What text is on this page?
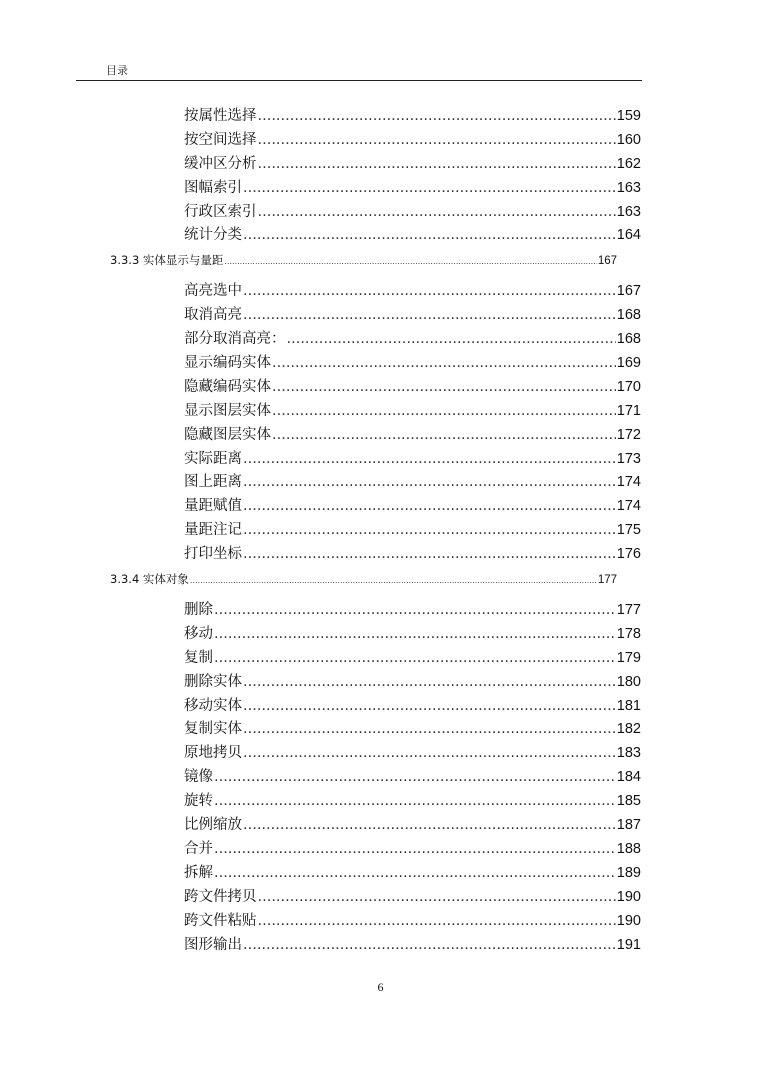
目录
按属性选择 .....	159
按空间选择 .....	160
缓冲区分析 .....	162
图幅索引 .....	163
行政区索引 .....	163
统计分类 .....	164
3.3.3 实体显示与量距 .....	167
高亮选中 .....	167
取消高亮 .....	168
部分取消高亮： .....	168
显示编码实体 .....	169
隐藏编码实体 .....	170
显示图层实体 .....	171
隐藏图层实体 .....	172
实际距离 .....	173
图上距离 .....	174
量距赋值 .....	174
量距注记 .....	175
打印坐标 .....	176
3.3.4 实体对象 .....	177
删除 .....	177
移动 .....	178
复制 .....	179
删除实体 .....	180
移动实体 .....	181
复制实体 .....	182
原地拷贝 .....	183
镜像 .....	184
旋转 .....	185
比例缩放 .....	187
合并 .....	188
拆解 .....	189
跨文件拷贝 .....	190
跨文件粘贴 .....	190
图形输出 .....	191
6
